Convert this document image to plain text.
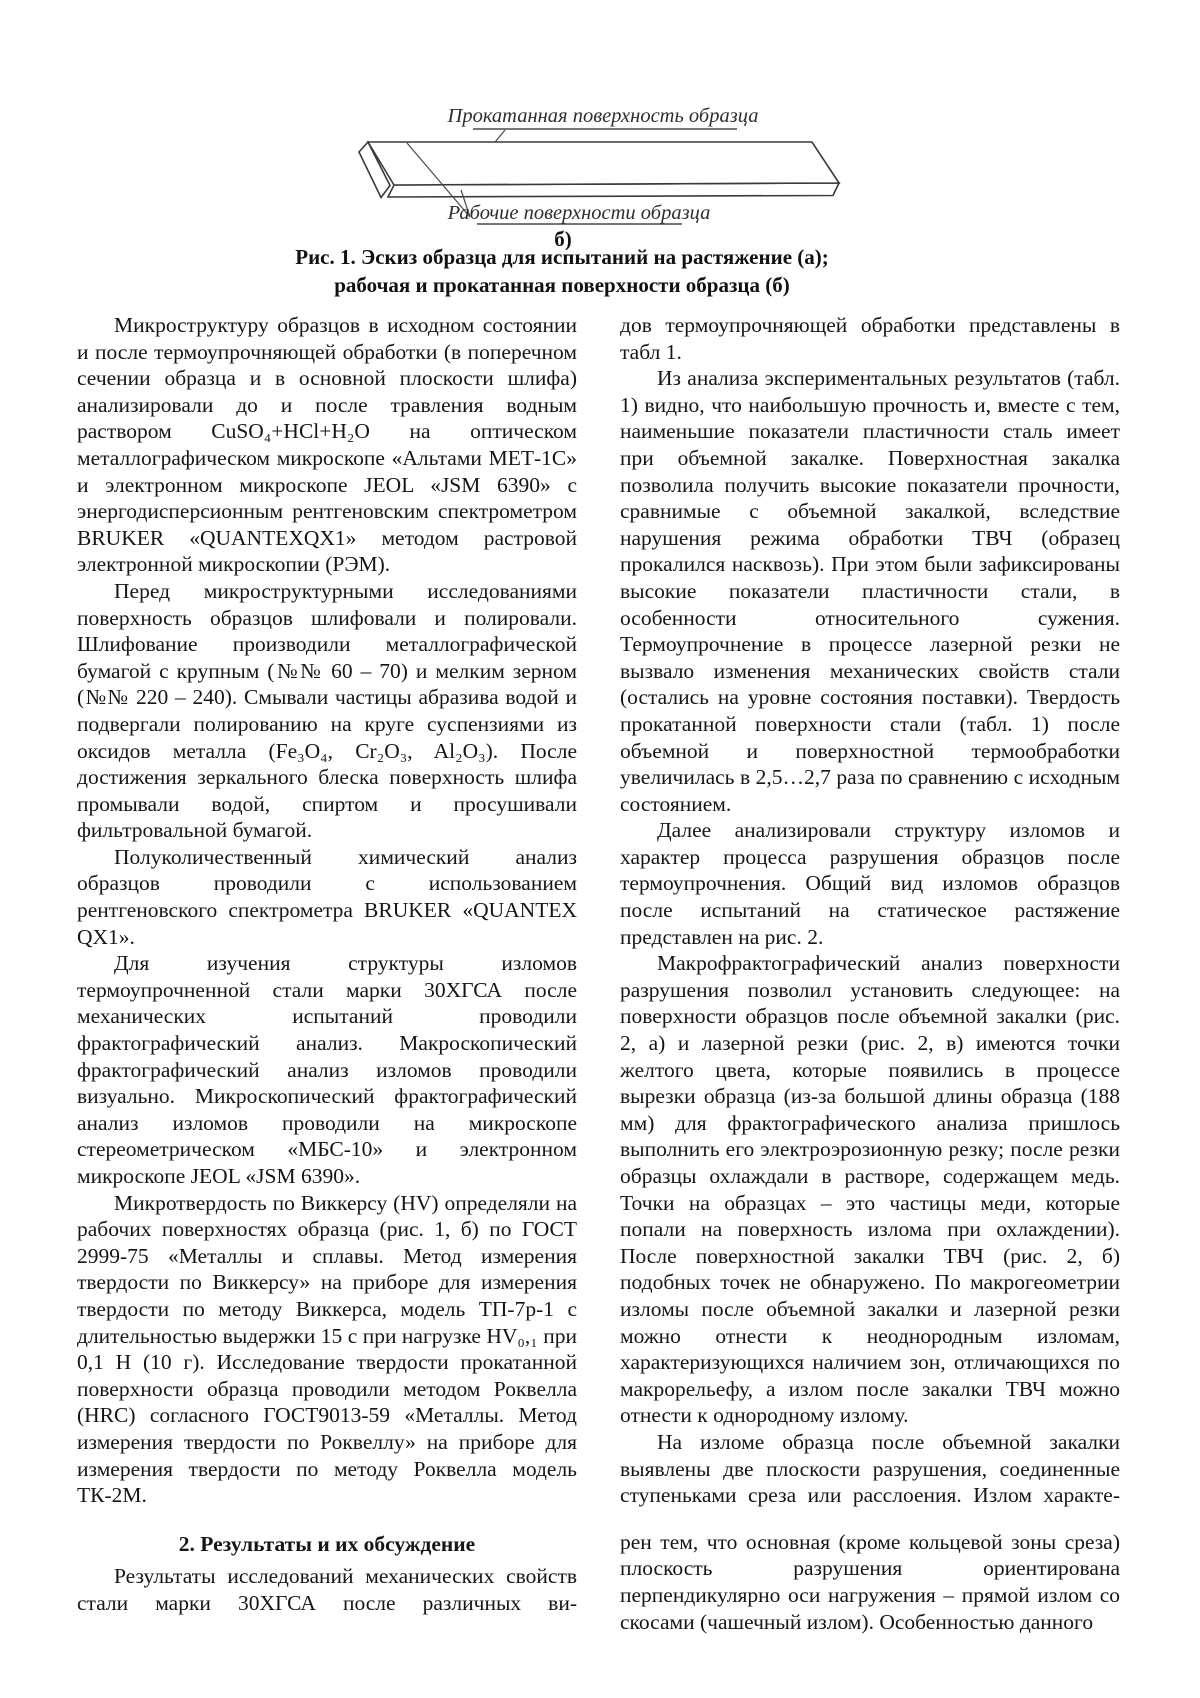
Прокатанная поверхность образца
Рабочие поверхности образца
б)
Рис. 1. Эскиз образца для испытаний на растяжение (а);
рабочая и прокатанная поверхности образца (б)

Микроструктуру образцов в исходном состоянии и после термоупрочняющей обработки (в поперечном сечении образца и в основной плоскости шлифа) анализировали до и после травления водным раствором CuSO₄+HCl+H₂O на оптическом металлографическом микроскопе «Альтами МЕТ-1С» и электронном микроскопе JEOL «JSM 6390» с энергодисперсионным рентгеновским спектрометром BRUKER «QUANTEXQX1» методом растровой электронной микроскопии (РЭМ).

Перед микроструктурными исследованиями поверхность образцов шлифовали и полировали. Шлифование производили металлографической бумагой с крупным (№№ 60 – 70) и мелким зерном (№№ 220 – 240). Смывали частицы абразива водой и подвергали полированию на круге суспензиями из оксидов металла (Fe₃O₄, Cr₂O₃, Al₂O₃). После достижения зеркального блеска поверхность шлифа промывали водой, спиртом и просушивали фильтровальной бумагой.

Полуколичественный химический анализ образцов проводили с использованием рентгеновского спектрометра BRUKER «QUANTEX QX1».

Для изучения структуры изломов термоупрочненной стали марки 30ХГСА после механических испытаний проводили фрактографический анализ. Макроскопический фрактографический анализ изломов проводили визуально. Микроскопический фрактографический анализ изломов проводили на микроскопе стереометрическом «МБС-10» и электронном микроскопе JEOL «JSM 6390».

Микротвердость по Виккерсу (HV) определяли на рабочих поверхностях образца (рис. 1, б) по ГОСТ 2999-75 «Металлы и сплавы. Метод измерения твердости по Виккерсу» на приборе для измерения твердости по методу Виккерса, модель ТП-7р-1 с длительностью выдержки 15 с при нагрузке HV₀,₁ при 0,1 Н (10 г). Исследование твердости прокатанной поверхности образца проводили методом Роквелла (HRC) согласного ГОСТ9013-59 «Металлы. Метод измерения твердости по Роквеллу» на приборе для измерения твердости по методу Роквелла модель ТК-2М.

2. Результаты и их обсуждение

Результаты исследований механических свойств стали марки 30ХГСА после различных ви-

дов термоупрочняющей обработки представлены в табл 1.

Из анализа экспериментальных результатов (табл. 1) видно, что наибольшую прочность и, вместе с тем, наименьшие показатели пластичности сталь имеет при объемной закалке. Поверхностная закалка позволила получить высокие показатели прочности, сравнимые с объемной закалкой, вследствие нарушения режима обработки ТВЧ (образец прокалился насквозь). При этом были зафиксированы высокие показатели пластичности стали, в особенности относительного сужения. Термоупрочнение в процессе лазерной резки не вызвало изменения механических свойств стали (остались на уровне состояния поставки). Твердость прокатанной поверхности стали (табл. 1) после объемной и поверхностной термообработки увеличилась в 2,5…2,7 раза по сравнению с исходным состоянием.

Далее анализировали структуру изломов и характер процесса разрушения образцов после термоупрочнения. Общий вид изломов образцов после испытаний на статическое растяжение представлен на рис. 2.

Макрофрактографический анализ поверхности разрушения позволил установить следующее: на поверхности образцов после объемной закалки (рис. 2, а) и лазерной резки (рис. 2, в) имеются точки желтого цвета, которые появились в процессе вырезки образца (из-за большой длины образца (188 мм) для фрактографического анализа пришлось выполнить его электроэрозионную резку; после резки образцы охлаждали в растворе, содержащем медь. Точки на образцах – это частицы меди, которые попали на поверхность излома при охлаждении). После поверхностной закалки ТВЧ (рис. 2, б) подобных точек не обнаружено. По макрогеометрии изломы после объемной закалки и лазерной резки можно отнести к неоднородным изломам, характеризующихся наличием зон, отличающихся по макрорельефу, а излом после закалки ТВЧ можно отнести к однородному излому.

На изломе образца после объемной закалки выявлены две плоскости разрушения, соединенные ступеньками среза или расслоения. Излом характе-

рен тем, что основная (кроме кольцевой зоны среза) плоскость разрушения ориентирована перпендикулярно оси нагружения – прямой излом со скосами (чашечный излом). Особенностью данного
